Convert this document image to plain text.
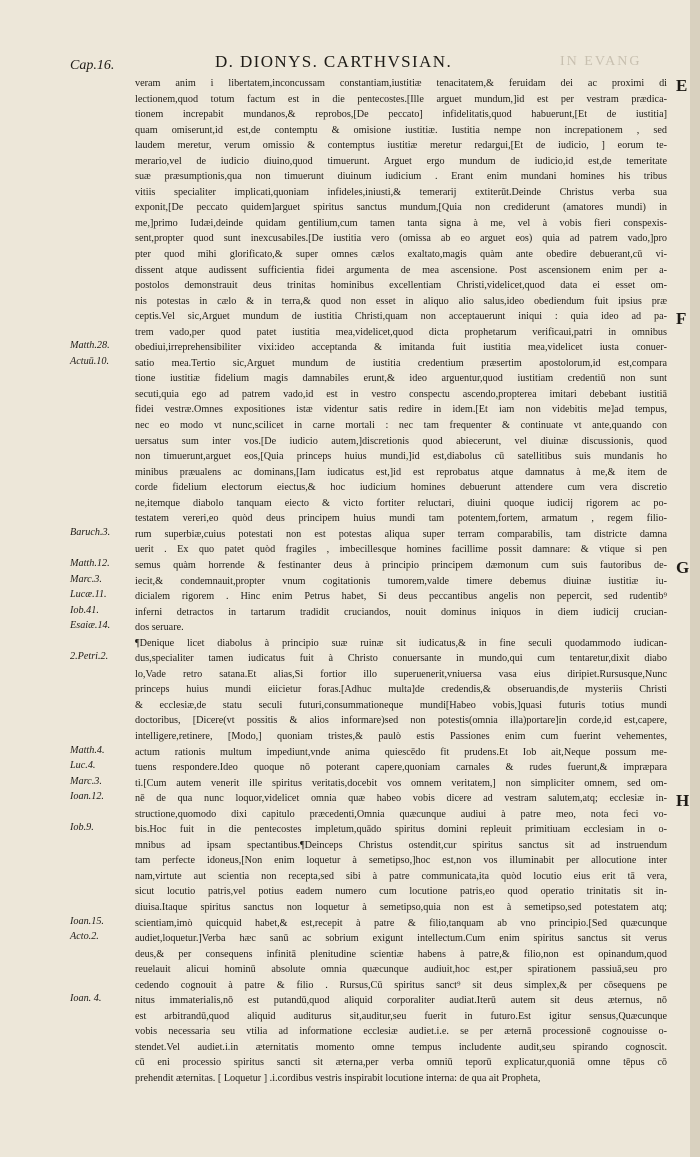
Cap.16.	D. DIONYS. CARTHVSIAN.	IN EVANG
veram anim i libertatem,inconcussam constantiam,iustitiæ tenacitatem,& feruidam dei ac proximi di
lectionem,quod totum factum est in die pentecostes.[Ille arguet mundum,]id est per vestram prædica-
tionem increpabit mundanos,& reprobos,[De peccato] infidelitatis,quod habuerunt,[Et de iustitia]
quam omiserunt,id est,de contemptu & omisione iustitiæ. Iustitia nempe non increpationem , sed
laudem meretur, verum omissio & contemptus iustitiæ meretur redargui,[Et de iudicio, ] eorum te-
merario,vel de iudicio diuino,quod timuerunt. Arguet ergo mundum de iudicio,id est,de temeritate
suæ præsumptionis,qua non timuerunt diuinum iudicium . Erant enim mundani homines his tribus
vitiis specialiter implicati,quoniam infideles,iniusti,& temerarij extiterūt.Deinde Christus verba sua
exponit,[De peccato quidem]arguet spiritus sanctus mundum,[Quia non crediderunt (amatores mundi) in
me,]primo Iudæi,deinde quidam gentilium,cum tamen tanta signa à me, vel à vobis fieri conspexis-
sent,propter quod sunt inexcusabiles.[De iustitia vero (omissa ab eo arguet eos) quia ad patrem vado,]pro
pter quod mihi glorificato,& super omnes cælos exaltato,magis quàm ante obedire debuerant,cū vi-
dissent atque audissent sufficientia fidei argumenta de mea ascensione. Post ascensionem enim per a-
postolos demonstrauit deus trinitas hominibus excellentiam Christi,videlicet,quod data ei esset om-
nis potestas in cælo & in terra,& quod non esset in aliquo alio salus,ideo obediendum fuit ipsius præ
ceptis.Vel sic,Arguet mundum de iustitia Christi,quam non acceptauerunt iniqui : quia ideo ad pa-
trem vado,per quod patet iustitia mea,videlicet,quod dicta prophetarum verificaui,patri in omnibus
obediui,irreprehensibiliter vixi:ideo acceptanda & imitanda fuit iustitia mea,videlicet iusta conuer-
satio mea.Tertio sic,Arguet mundum de iustitia credentium præsertim apostolorum,id est,compara
tione iustitiæ fidelium magis damnabiles erunt,& ideo arguentur,quod iustitiam credentiū non sunt
secuti,quia ego ad patrem vado,id est in vestro conspectu ascendo,propterea imitari debebant iustitiā
fidei vestræ.Omnes expositiones istæ videntur satis redire in idem.[Et iam non videbitis me]ad tempus,
nec eo modo vt nunc,scilicet in carne mortali : nec tam frequenter & continuate vt ante,quando con
uersatus sum inter vos.[De iudicio autem,]discretionis quod abiecerunt, vel diuinæ discussionis, quod
non timuerunt,arguet eos,[Quia princeps huius mundi,]id est,diabolus cū satellitibus suis mundanis ho
minibus præualens ac dominans,[Iam iudicatus est,]id est reprobatus atque damnatus à me,& item de
corde fidelium electorum eiectus,& hoc iudicium homines debuerunt attendere cum vera discretio
ne,itemque diabolo tanquam eiecto & victo fortiter reluctari, diuini quoque iudicij rigorem ac po-
testatem vereri,eo quòd deus principem huius mundi tam potentem,fortem, armatum , regem filio-
rum superbiæ,cuius potestati non est potestas aliqua super terram comparabilis, tam districte damna
uerit . Ex quo patet quòd fragiles , imbecillesque homines facillime possit damnare: & vtique si pen
semus quàm horrende & festinanter deus à principio principem dæmonum cum suis fautoribus de-
iecit,& condemnauit,propter vnum cogitationis tumorem,valde timere debemus diuinæ iustitiæ iu-
dicialem rigorem . Hinc enim Petrus habet, Si deus peccantibus angelis non pepercit, sed rudentib⁹
inferni detractos in tartarum tradidit cruciandos, nouit dominus iniquos in diem iudicij crucian-
dos seruare.
¶Denique licet diabolus à principio suæ ruinæ sit iudicatus,& in fine seculi quodammodo iudican-
dus,specialiter tamen iudicatus fuit à Christo conuersante in mundo,qui cum tentaretur,dixit diabo
lo,Vade retro satana.Et alias,Si fortior illo superuenerit,vniuersa vasa eius diripiet.Rursusque,Nunc
princeps huius mundi eiicietur foras.[Adhuc multa]de credendis,& obseruandis,de mysteriis Christi
& ecclesiæ,de statu seculi futuri,consummationeque mundi[Habeo vobis,]quasi futuris totius mundi
doctoribus, [Dicere(vt possitis & alios informare)sed non potestis(omnia illa)portare]in corde,id est,capere,
intelligere,retinere, [Modo,] quoniam tristes,& paulò estis Passiones enim cum fuerint vehementes,
actum rationis multum impediunt,vnde anima quiescēdo fit prudens.Et Iob ait,Neque possum me-
tuens respondere.Ideo quoque nō poterant capere,quoniam carnales & rudes fuerunt,& impræpara
ti.[Cum autem venerit ille spiritus veritatis,docebit vos omnem veritatem,] non simpliciter omnem, sed om-
nē de qua nunc loquor,videlicet omnia quæ habeo vobis dicere ad vestram salutem,atq; ecclesiæ in-
structione,quomodo dixi capitulo præcedenti,Omnia quæcunque audiui à patre meo, nota feci vo-
bis.Hoc fuit in die pentecostes impletum,quādo spiritus domini repleuit primitiuam ecclesiam in o-
mnibus ad ipsam spectantibus.¶Deinceps Christus ostendit,cur spiritus sanctus sit ad instruendum
tam perfecte idoneus,[Non enim loquetur à semetipso,]hoc est,non vos illuminabit per allocutione inter
nam,virtute aut scientia non recepta,sed sibi à patre communicata,ita quòd locutio eius erit tā vera,
sicut locutio patris,vel potius eadem numero cum locutione patris,eo quod operatio trinitatis sit in-
diuisa.Itaque spiritus sanctus non loquetur à semetipso,quia non est à semetipso,sed potestatem atq;
scientiam,imò quicquid habet,& est,recepit à patre & filio,tanquam ab vno principio.[Sed quæcunque
audiet,loquetur.]Verba hæc sanū ac sobrium exigunt intellectum.Cum enim spiritus sanctus sit verus
deus,& per consequens infinitā plenitudine scientiæ habens à patre,& filio,non est opinandum,quod
reuelauit alicui hominū absolute omnia quæcunque audiuit,hoc est,per spirationem passiuā,seu pro
cedendo cognouit à patre & filio . Rursus,Cū spiritus sanct⁹ sit deus simplex,& per cōsequens pe
nitus immaterialis,nō est putandū,quod aliquid corporaliter audiat.Iterū autem sit deus æternus, nō
est arbitrandū,quod aliquid auditurus sit,auditur,seu fuerit in futuro.Est igitur sensus,Quæcunque
vobis necessaria seu vtilia ad informatione ecclesiæ audiet.i.e. se per æternā processionē cognouisse o-
stendet.Vel audiet.i.in æternitatis momento omne tempus includente audit,seu spirando cognoscit.
cū eni processio spiritus sancti sit æterna,per verba omniū teporū explicatur,quoniā omne tēpus cō
prehendit æternitas. [ Loquetur ] .i.cordibus vestris inspirabit locutione interna: de qua ait Propheta,
Matth.28.
Actuū.10.
Baruch.3.
Matth.12.
Marc.3.
Lucæ.11.
Iob.41.
Esaiæ.14.
2.Petri.2.
Matth.4.
Luc.4.
Marc.3.
Ioan.12.
Iob.9.
Ioan.15.
Acto.2.
Ioan. 4.
E
F
G
H
